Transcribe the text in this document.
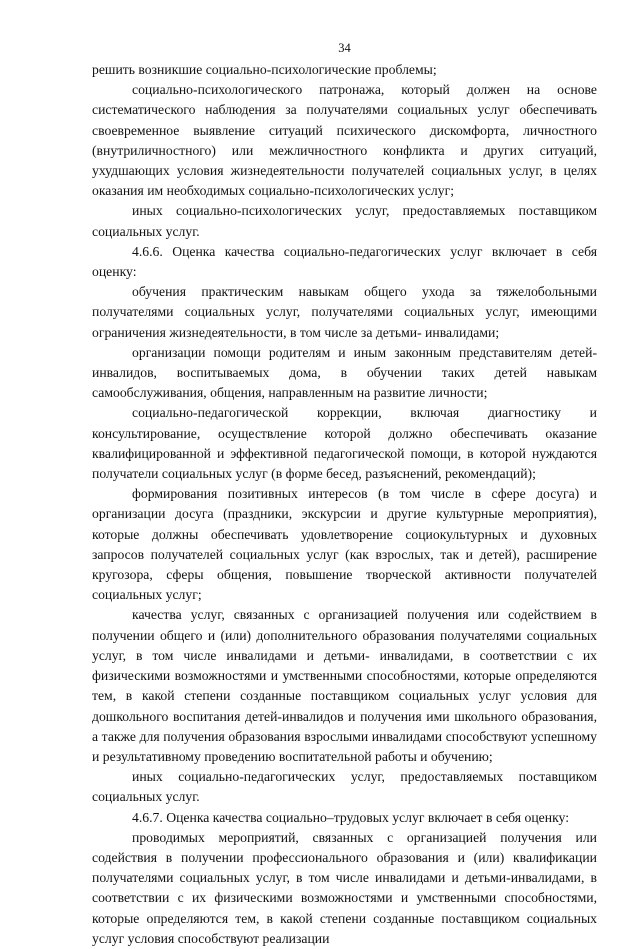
34

решить возникшие социально-психологические проблемы;

социально-психологического патронажа, который должен на основе систематического наблюдения за получателями социальных услуг обеспечивать своевременное выявление ситуаций психического дискомфорта, личностного (внутриличностного) или межличностного конфликта и других ситуаций, ухудшающих условия жизнедеятельности получателей социальных услуг, в целях оказания им необходимых социально-психологических услуг;

иных социально-психологических услуг, предоставляемых поставщиком социальных услуг.

4.6.6. Оценка качества социально-педагогических услуг включает в себя оценку:

обучения практическим навыкам общего ухода за тяжелобольными получателями социальных услуг, получателями социальных услуг, имеющими ограничения жизнедеятельности, в том числе за детьми- инвалидами;

организации помощи родителям и иным законным представителям детей-инвалидов, воспитываемых дома, в обучении таких детей навыкам самообслуживания, общения, направленным на развитие личности;

социально-педагогической коррекции, включая диагностику и консультирование, осуществление которой должно обеспечивать оказание квалифицированной и эффективной педагогической помощи, в которой нуждаются получатели социальных услуг (в форме бесед, разъяснений, рекомендаций);

формирования позитивных интересов (в том числе в сфере досуга) и организации досуга (праздники, экскурсии и другие культурные мероприятия), которые должны обеспечивать удовлетворение социокультурных и духовных запросов получателей социальных услуг (как взрослых, так и детей), расширение кругозора, сферы общения, повышение творческой активности получателей социальных услуг;

качества услуг, связанных с организацией получения или содействием в получении общего и (или) дополнительного образования получателями социальных услуг, в том числе инвалидами и детьми- инвалидами, в соответствии с их физическими возможностями и умственными способностями, которые определяются тем, в какой степени созданные поставщиком социальных услуг условия для дошкольного воспитания детей-инвалидов и получения ими школьного образования, а также для получения образования взрослыми инвалидами способствуют успешному и результативному проведению воспитательной работы и обучению;

иных социально-педагогических услуг, предоставляемых поставщиком социальных услуг.

4.6.7. Оценка качества социально–трудовых услуг включает в себя оценку:

проводимых мероприятий, связанных с организацией получения или содействия в получении профессионального образования и (или) квалификации получателями социальных услуг, в том числе инвалидами и детьми-инвалидами, в соответствии с их физическими возможностями и умственными способностями, которые определяются тем, в какой степени созданные поставщиком социальных услуг условия способствуют реализации
